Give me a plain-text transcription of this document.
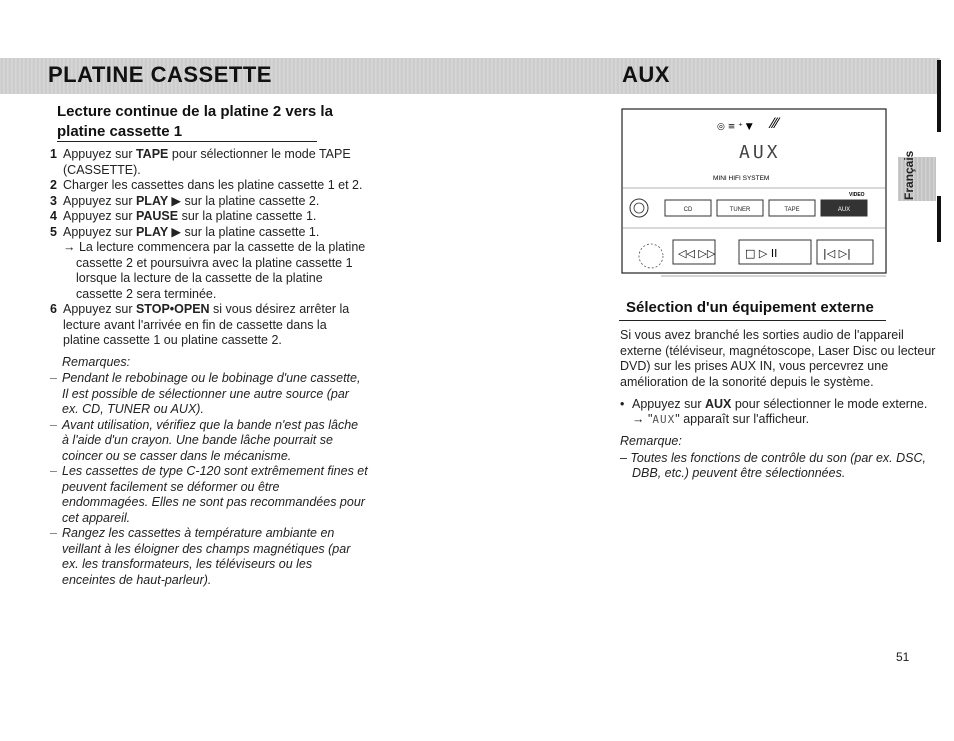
PLATINE CASSETTE	AUX
Français
Lecture continue de la platine 2 vers la
platine cassette 1
1 Appuyez sur TAPE pour sélectionner le mode TAPE
(CASSETTE).
2 Charger les cassettes dans les platine cassette 1 et 2.
3 Appuyez sur PLAY ▶ sur la platine cassette 2.
4 Appuyez sur PAUSE sur la platine cassette 1.
5 Appuyez sur PLAY ▶ sur la platine cassette 1.
→ La lecture commencera par la cassette de la platine
cassette 2 et poursuivra avec la platine cassette 1
lorsque la lecture de la cassette de la platine
cassette 2 sera terminée.
6 Appuyez sur STOP•OPEN si vous désirez arrêter la
lecture avant l'arrivée en fin de cassette dans la
platine cassette 1 ou platine cassette 2.
Remarques:
– Pendant le rebobinage ou le bobinage d'une cassette,
Il est possible de sélectionner une autre source (par
ex. CD, TUNER ou AUX).
– Avant utilisation, vérifiez que la bande n'est pas lâche
à l'aide d'un crayon. Une bande lâche pourrait se
coincer ou se casser dans le mécanisme.
– Les cassettes de type C-120 sont extrêmement fines et
peuvent facilement se déformer ou être
endommagées. Elles ne sont pas recommandées pour
cet appareil.
– Rangez les cassettes à température ambiante en
veillant à les éloigner des champs magnétiques (par
ex. les transformateurs, les téléviseurs ou les
enceintes de haut-parleur).
◎ ≡ ⁺ ▼ ⁄⁄⁄
AUX
MINI HIFI SYSTEM
CD	TUNER	TAPE	AUX
VIDEO
◁◁ ▷▷	□ ▷ ⅠⅠ	|◁ ▷|
Sélection d'un équipement externe
Si vous avez branché les sorties audio de l'appareil
externe (téléviseur, magnétoscope, Laser Disc ou lecteur
DVD) sur les prises AUX IN, vous percevrez une
amélioration de la sonorité depuis le système.
• Appuyez sur AUX pour sélectionner le mode externe.
→ "AUX" apparaît sur l'afficheur.
Remarque:
– Toutes les fonctions de contrôle du son (par ex. DSC,
DBB, etc.) peuvent être sélectionnées.
51
